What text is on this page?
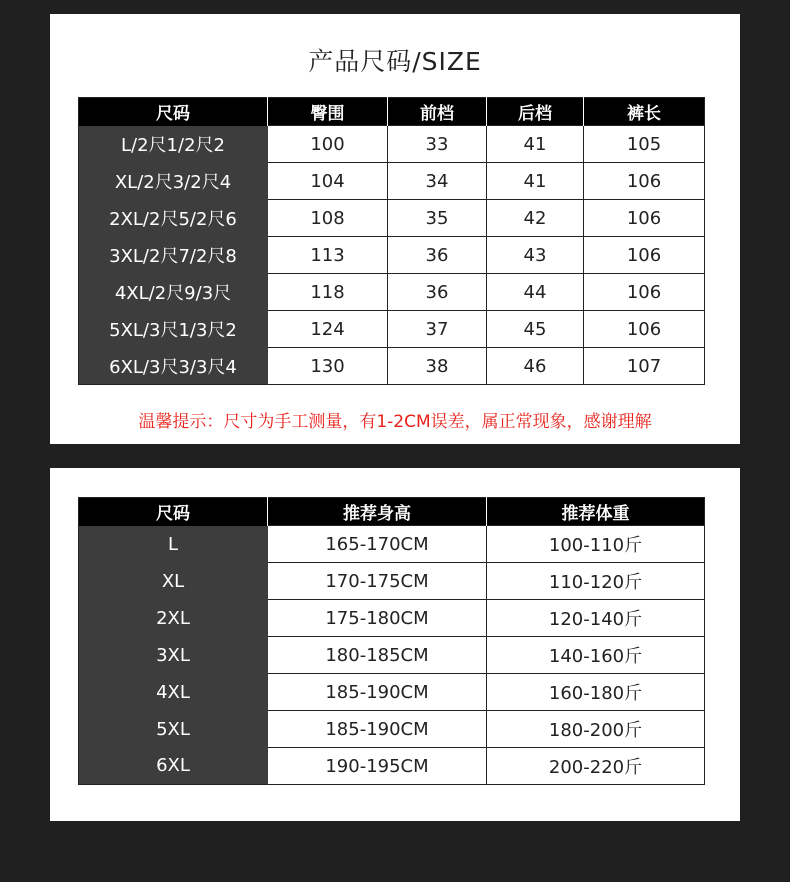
产品尺码/SIZE
尺码	臀围	前档	后档	裤长
L/2尺1/2尺2	100	33	41	105
XL/2尺3/2尺4	104	34	41	106
2XL/2尺5/2尺6	108	35	42	106
3XL/2尺7/2尺8	113	36	43	106
4XL/2尺9/3尺	118	36	44	106
5XL/3尺1/3尺2	124	37	45	106
6XL/3尺3/3尺4	130	38	46	107
温馨提示：尺寸为手工测量，有1-2CM误差，属正常现象，感谢理解
尺码	推荐身高	推荐体重
L	165-170CM	100-110斤
XL	170-175CM	110-120斤
2XL	175-180CM	120-140斤
3XL	180-185CM	140-160斤
4XL	185-190CM	160-180斤
5XL	185-190CM	180-200斤
6XL	190-195CM	200-220斤
